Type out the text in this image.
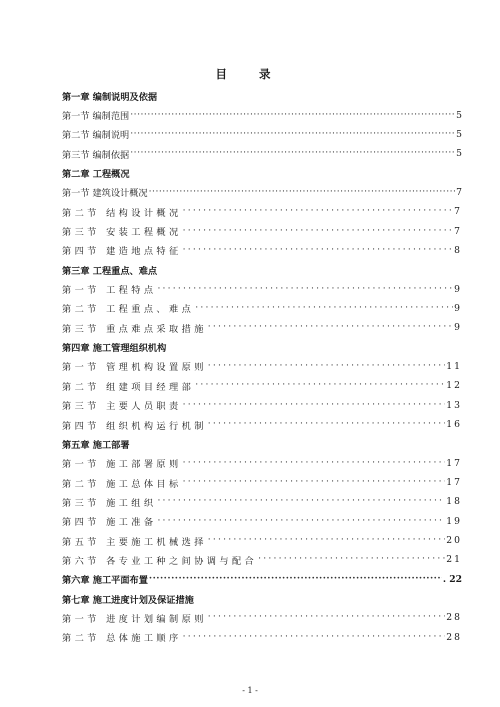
目 录
第一章 编制说明及依据
第一节 编制范围 ·····	5
第二节 编制说明 ·····	5
第三节 编制依据 ·····	5
第二章 工程概况
第一节 建筑设计概况 ·····	7
第二节 结构设计概况 ·····	7
第三节 安装工程概况 ·····	7
第四节 建造地点特征 ·····	8
第三章 工程重点、难点
第一节 工程特点 ·····	9
第二节 工程重点、难点 ·····	9
第三节 重点难点采取措施 ·····	9
第四章 施工管理组织机构
第一节 管理机构设置原则 ·····	11
第二节 组建项目经理部 ·····	12
第三节 主要人员职责 ·····	13
第四节 组织机构运行机制 ·····	16
第五章 施工部署
第一节 施工部署原则 ·····	17
第二节 施工总体目标 ·····	17
第三节 施工组织 ·····	18
第四节 施工准备 ·····	19
第五节 主要施工机械选择 ·····	20
第六节 各专业工种之间协调与配合 ·····	21
第六章 施工平面布置 ·····	. 22
第七章 施工进度计划及保证措施
第一节 进度计划编制原则 ·····	28
第二节 总体施工顺序 ·····	28
- 1 -
